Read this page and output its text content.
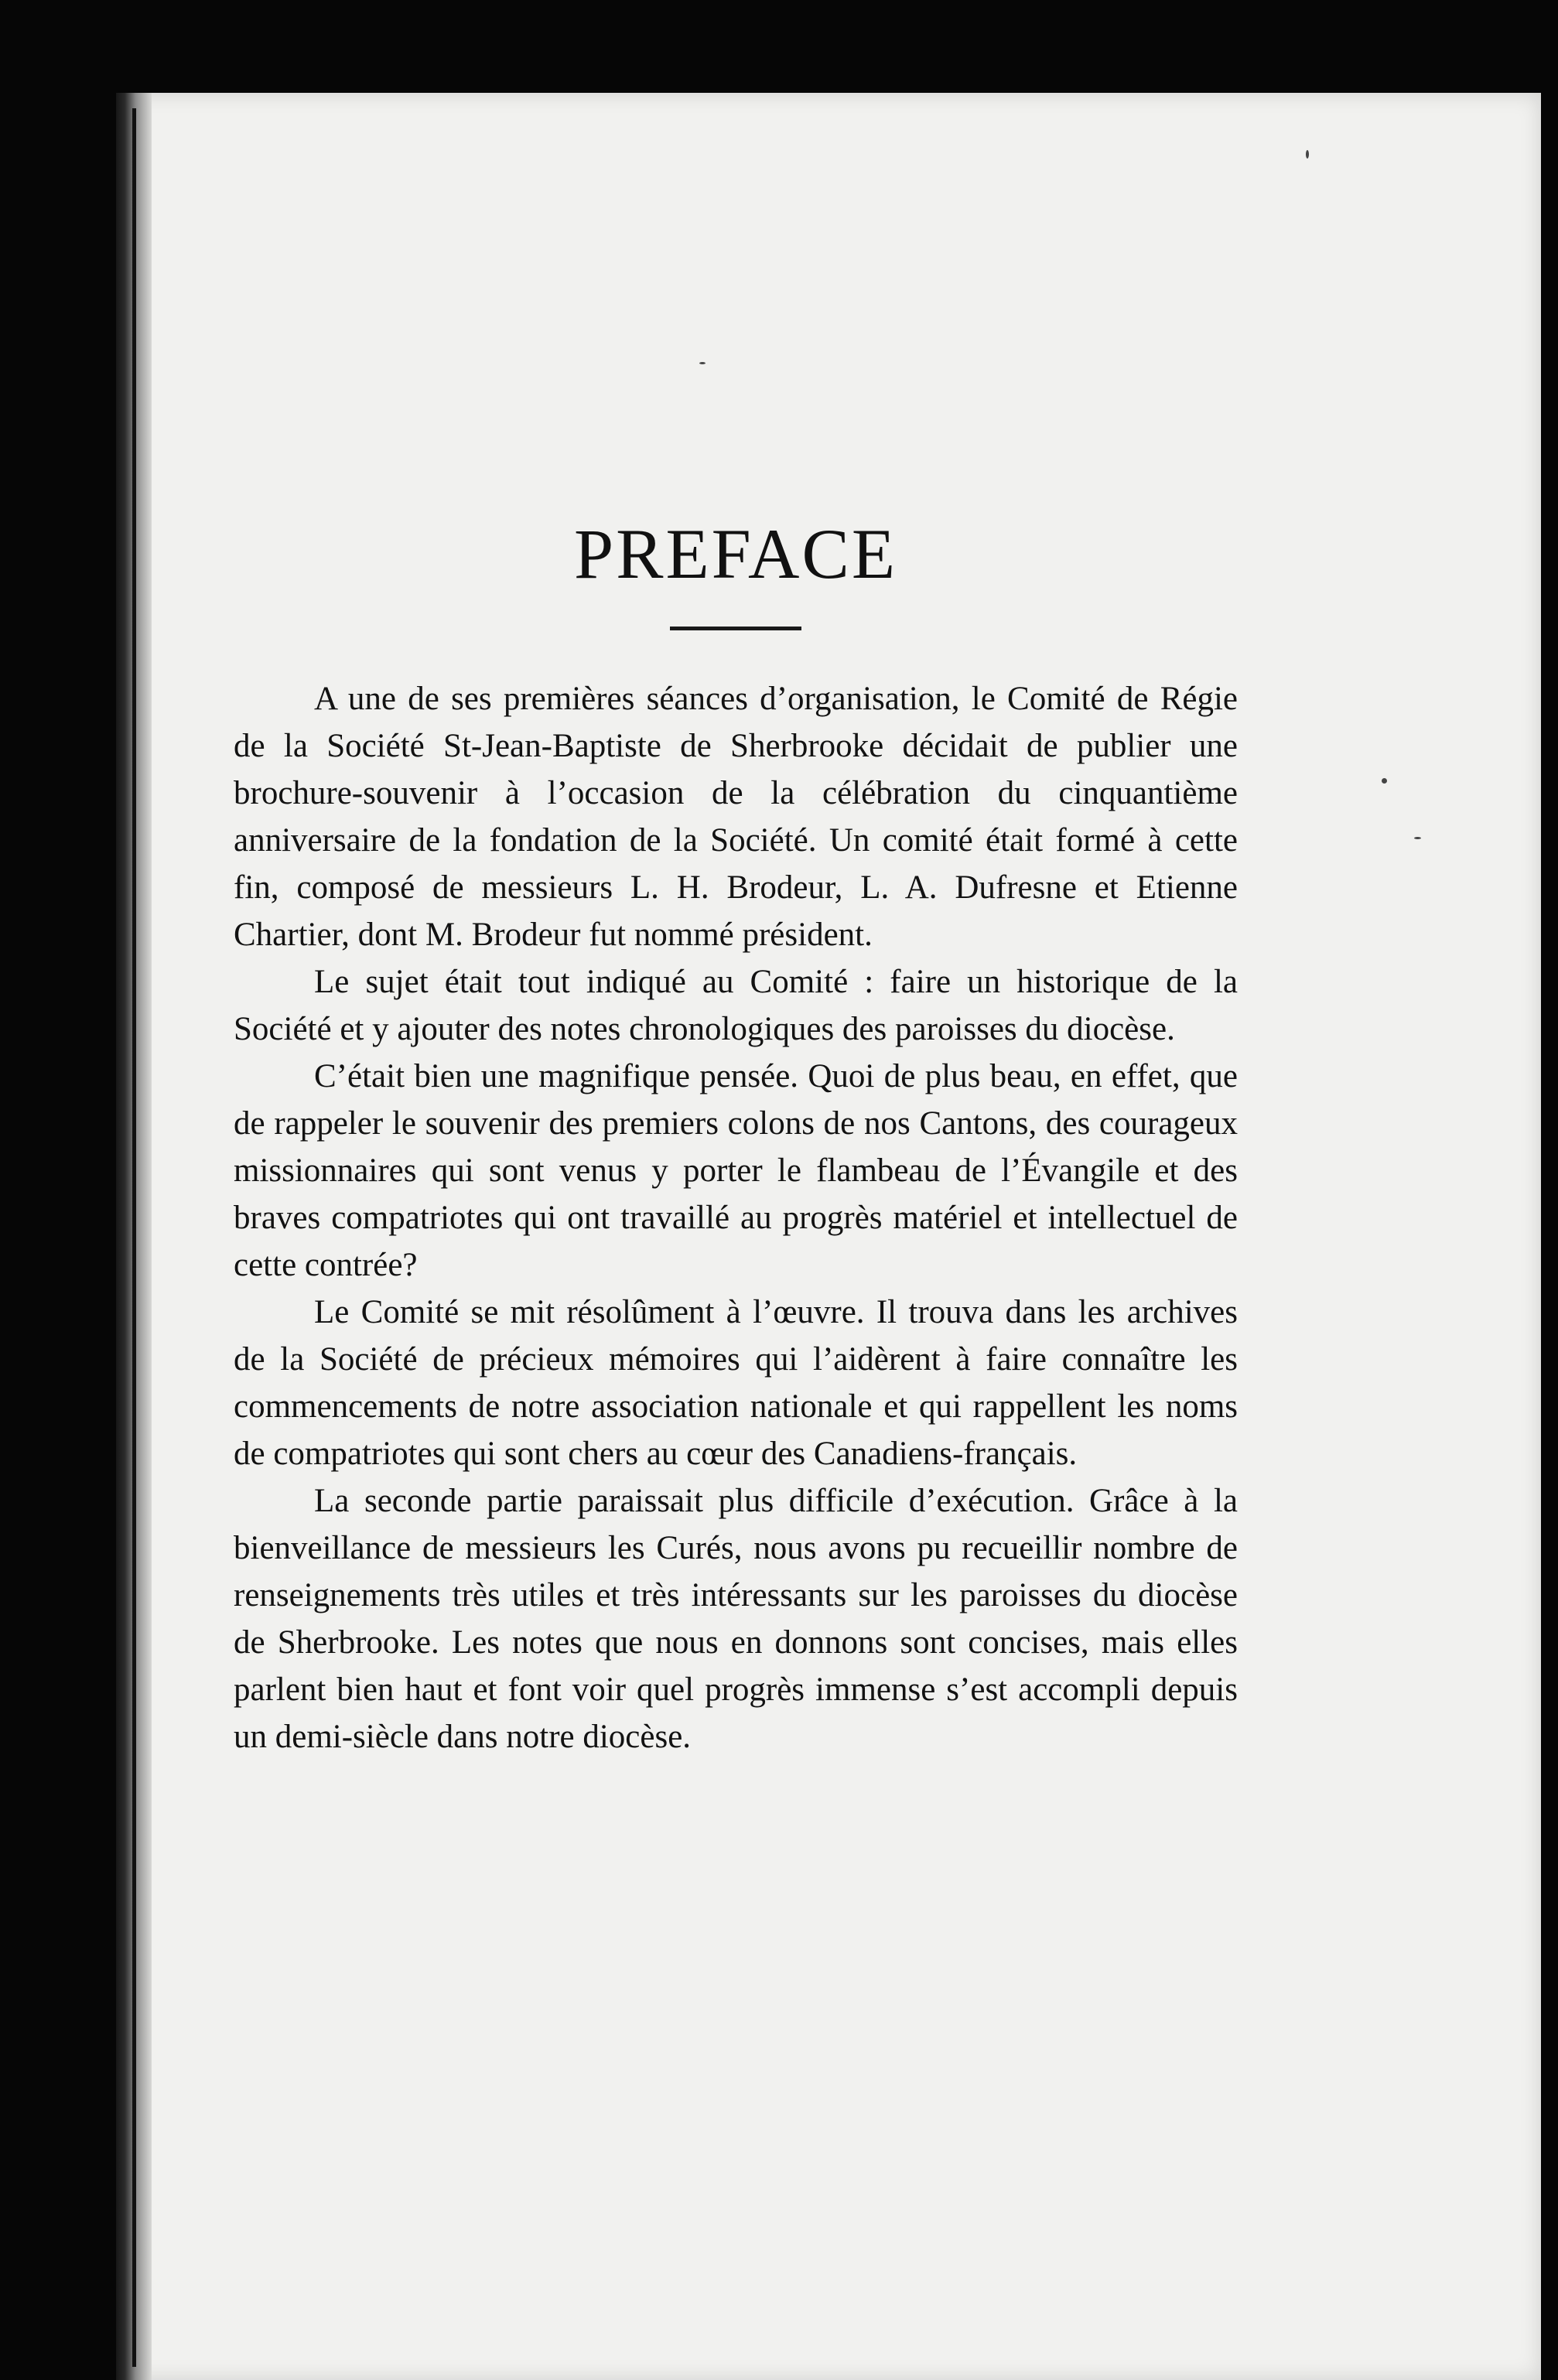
PREFACE

A une de ses premières séances d’organisation, le Comité de Régie de la Société St-Jean-Baptiste de Sherbrooke décidait de publier une brochure-souvenir à l’occasion de la célébration du cinquantième anniversaire de la fondation de la Société. Un comité était formé à cette fin, composé de messieurs L. H. Brodeur, L. A. Dufresne et Etienne Chartier, dont M. Brodeur fut nommé président.

Le sujet était tout indiqué au Comité : faire un historique de la Société et y ajouter des notes chronologiques des paroisses du diocèse.

C’était bien une magnifique pensée. Quoi de plus beau, en effet, que de rappeler le souvenir des premiers colons de nos Cantons, des courageux missionnaires qui sont venus y porter le flambeau de l’Évangile et des braves compatriotes qui ont travaillé au progrès matériel et intellectuel de cette contrée?

Le Comité se mit résolûment à l’œuvre. Il trouva dans les archives de la Société de précieux mémoires qui l’aidèrent à faire connaître les commencements de notre association nationale et qui rappellent les noms de compatriotes qui sont chers au cœur des Canadiens-français.

La seconde partie paraissait plus difficile d’exécution. Grâce à la bienveillance de messieurs les Curés, nous avons pu recueillir nombre de renseignements très utiles et très intéressants sur les paroisses du diocèse de Sherbrooke. Les notes que nous en donnons sont concises, mais elles parlent bien haut et font voir quel progrès immense s’est accompli depuis un demi-siècle dans notre diocèse.
